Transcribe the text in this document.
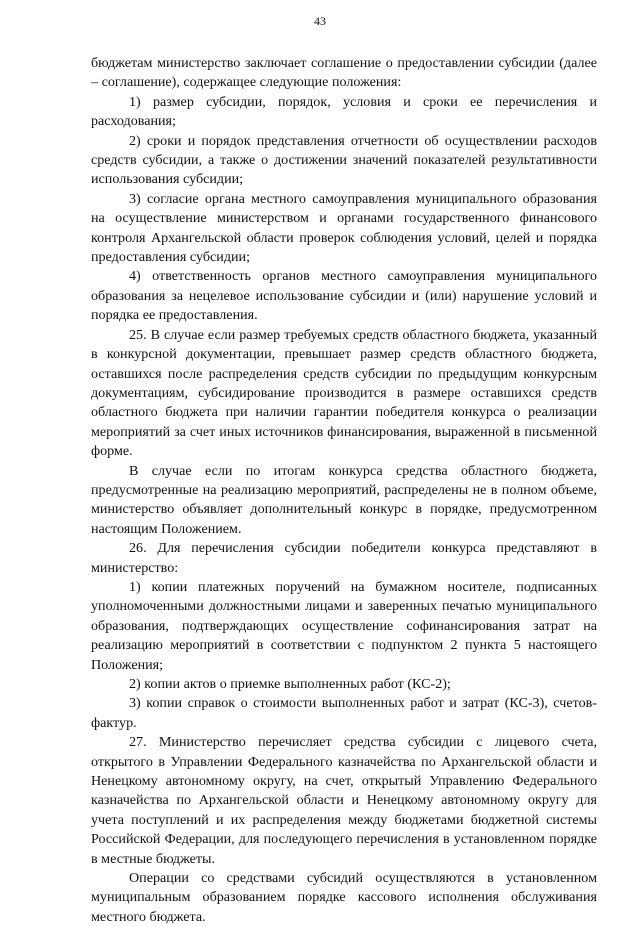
43

бюджетам министерство заключает соглашение о предоставлении субсидии (далее – соглашение), содержащее следующие положения:

1) размер субсидии, порядок, условия и сроки ее перечисления и расходования;

2) сроки и порядок представления отчетности об осуществлении расходов средств субсидии, а также о достижении значений показателей результативности использования субсидии;

3) согласие органа местного самоуправления муниципального образования на осуществление министерством и органами государственного финансового контроля Архангельской области проверок соблюдения условий, целей и порядка предоставления субсидии;

4) ответственность органов местного самоуправления муниципального образования за нецелевое использование субсидии и (или) нарушение условий и порядка ее предоставления.

25. В случае если размер требуемых средств областного бюджета, указанный в конкурсной документации, превышает размер средств областного бюджета, оставшихся после распределения средств субсидии по предыдущим конкурсным документациям, субсидирование производится в размере оставшихся средств областного бюджета при наличии гарантии победителя конкурса о реализации мероприятий за счет иных источников финансирования, выраженной в письменной форме.

В случае если по итогам конкурса средства областного бюджета, предусмотренные на реализацию мероприятий, распределены не в полном объеме, министерство объявляет дополнительный конкурс в порядке, предусмотренном настоящим Положением.

26. Для перечисления субсидии победители конкурса представляют в министерство:

1) копии платежных поручений на бумажном носителе, подписанных уполномоченными должностными лицами и заверенных печатью муниципального образования, подтверждающих осуществление софинансирования затрат на реализацию мероприятий в соответствии с подпунктом 2 пункта 5 настоящего Положения;

2) копии актов о приемке выполненных работ (КС-2);

3) копии справок о стоимости выполненных работ и затрат (КС-3), счетов-фактур.

27. Министерство перечисляет средства субсидии с лицевого счета, открытого в Управлении Федерального казначейства по Архангельской области и Ненецкому автономному округу, на счет, открытый Управлению Федерального казначейства по Архангельской области и Ненецкому автономному округу для учета поступлений и их распределения между бюджетами бюджетной системы Российской Федерации, для последующего перечисления в установленном порядке в местные бюджеты.

Операции со средствами субсидий осуществляются в установленном муниципальным образованием порядке кассового исполнения обслуживания местного бюджета.
